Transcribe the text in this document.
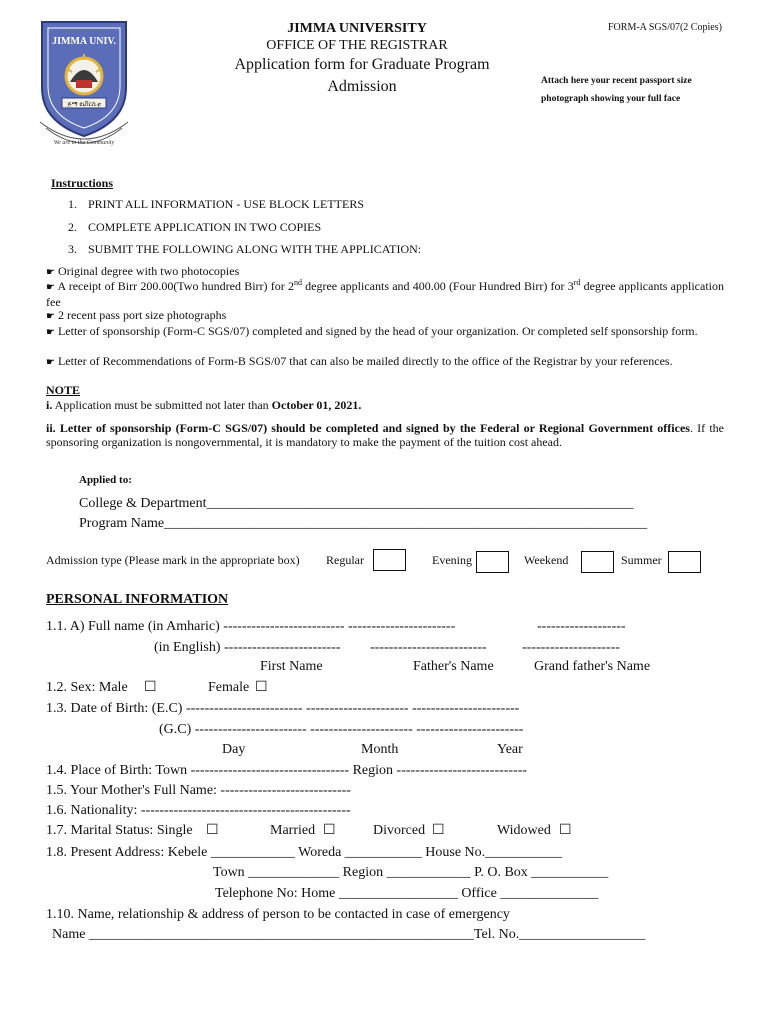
JIMMA UNIV.
ጅማ ዩኒቨርሲቲ
We are in the Community
JIMMA UNIVERSITY
OFFICE OF THE REGISTRAR
Application form for Graduate Program
Admission
FORM-A SGS/07(2 Copies)
Attach here your recent passport size
photograph showing your full face
Instructions
1. PRINT ALL INFORMATION - USE BLOCK LETTERS
2. COMPLETE APPLICATION IN TWO COPIES
3. SUBMIT THE FOLLOWING ALONG WITH THE APPLICATION:
☛ Original degree with two photocopies
☛ A receipt of Birr 200.00(Two hundred Birr) for 2nd degree applicants and 400.00 (Four Hundred Birr) for 3rd degree applicants application fee
☛ 2 recent pass port size photographs
☛ Letter of sponsorship (Form-C SGS/07) completed and signed by the head of your organization. Or completed self sponsorship form.
☛ Letter of Recommendations of Form-B SGS/07 that can also be mailed directly to the office of the Registrar by your references.
NOTE
i. Application must be submitted not later than October 01, 2021.
ii. Letter of sponsorship (Form-C SGS/07) should be completed and signed by the Federal or Regional Government offices. If the sponsoring organization is nongovernmental, it is mandatory to make the payment of the tuition cost ahead.
Applied to:
College & Department_____________________________________________________________
Program Name_____________________________________________________________________
Admission type (Please mark in the appropriate box) Regular	Evening	Weekend	Summer
PERSONAL INFORMATION
1.1. A) Full name (in Amharic) -------------------------- -----------------------	-------------------
(in English) ------------------------- -------------------------	---------------------
First Name	Father's Name	Grand father's Name
1.2. Sex: Male ☐	Female ☐
1.3. Date of Birth: (E.C) ------------------------- ---------------------- -----------------------
(G.C) ------------------------ ---------------------- -----------------------
Day	Month	Year
1.4. Place of Birth: Town ---------------------------------- Region ----------------------------
1.5. Your Mother's Full Name: ----------------------------
1.6. Nationality: ---------------------------------------------
1.7. Marital Status: Single ☐	Married ☐	Divorced ☐	Widowed ☐
1.8. Present Address: Kebele ____________ Woreda ___________ House No.___________
Town _____________ Region ____________ P. O. Box ___________
Telephone No: Home _________________ Office ______________
1.10. Name, relationship & address of person to be contacted in case of emergency
Name _______________________________________________________Tel. No.__________________
